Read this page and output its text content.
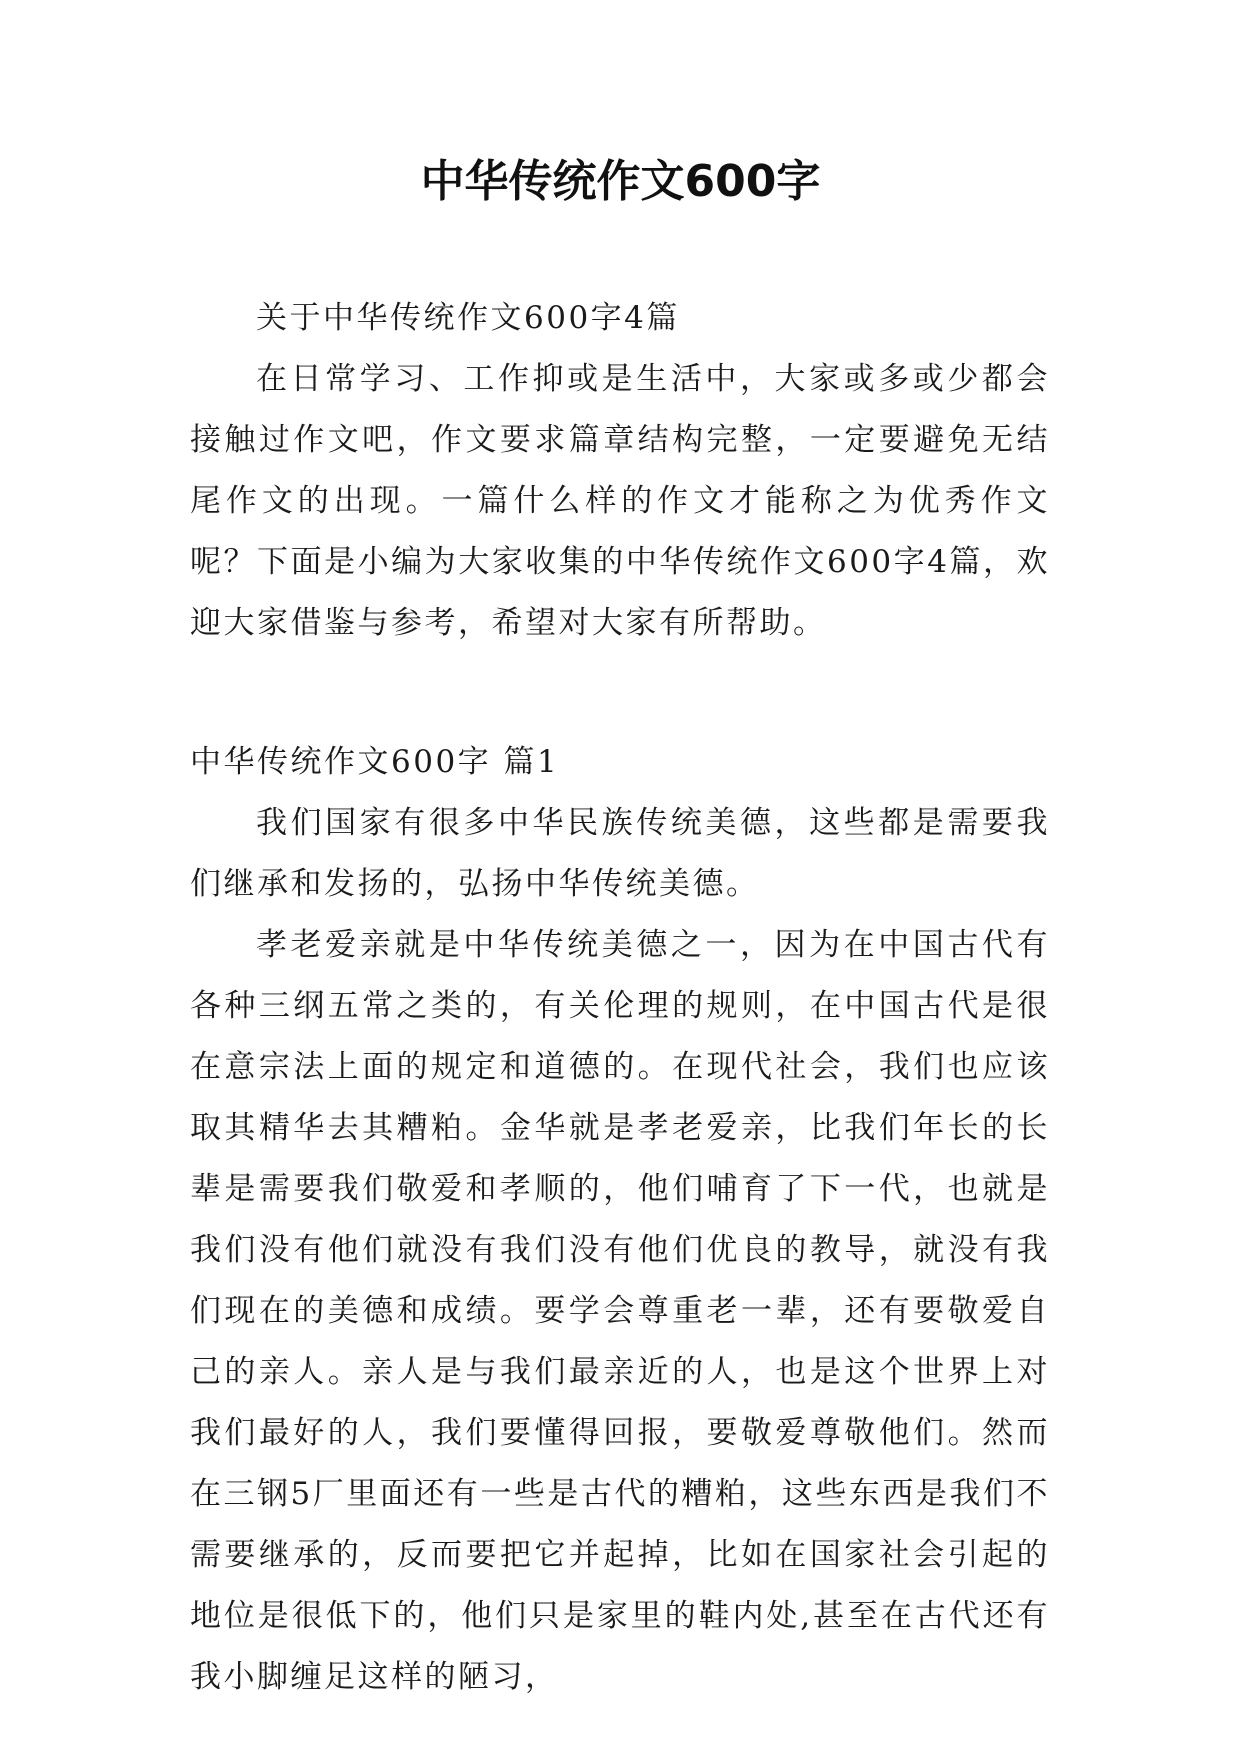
中华传统作文600字

关于中华传统作文600字4篇

在日常学习、工作抑或是生活中，大家或多或少都会接触过作文吧，作文要求篇章结构完整，一定要避免无结尾作文的出现。一篇什么样的作文才能称之为优秀作文呢？下面是小编为大家收集的中华传统作文600字4篇，欢迎大家借鉴与参考，希望对大家有所帮助。

中华传统作文600字 篇1

我们国家有很多中华民族传统美德，这些都是需要我们继承和发扬的，弘扬中华传统美德。

孝老爱亲就是中华传统美德之一，因为在中国古代有各种三纲五常之类的，有关伦理的规则，在中国古代是很在意宗法上面的规定和道德的。在现代社会，我们也应该取其精华去其糟粕。金华就是孝老爱亲，比我们年长的长辈是需要我们敬爱和孝顺的，他们哺育了下一代，也就是我们没有他们就没有我们没有他们优良的教导，就没有我们现在的美德和成绩。要学会尊重老一辈，还有要敬爱自己的亲人。亲人是与我们最亲近的人，也是这个世界上对我们最好的人，我们要懂得回报，要敬爱尊敬他们。然而在三钢5厂里面还有一些是古代的糟粕，这些东西是我们不需要继承的，反而要把它并起掉，比如在国家社会引起的地位是很低下的，他们只是家里的鞋内处,甚至在古代还有我小脚缠足这样的陋习，
